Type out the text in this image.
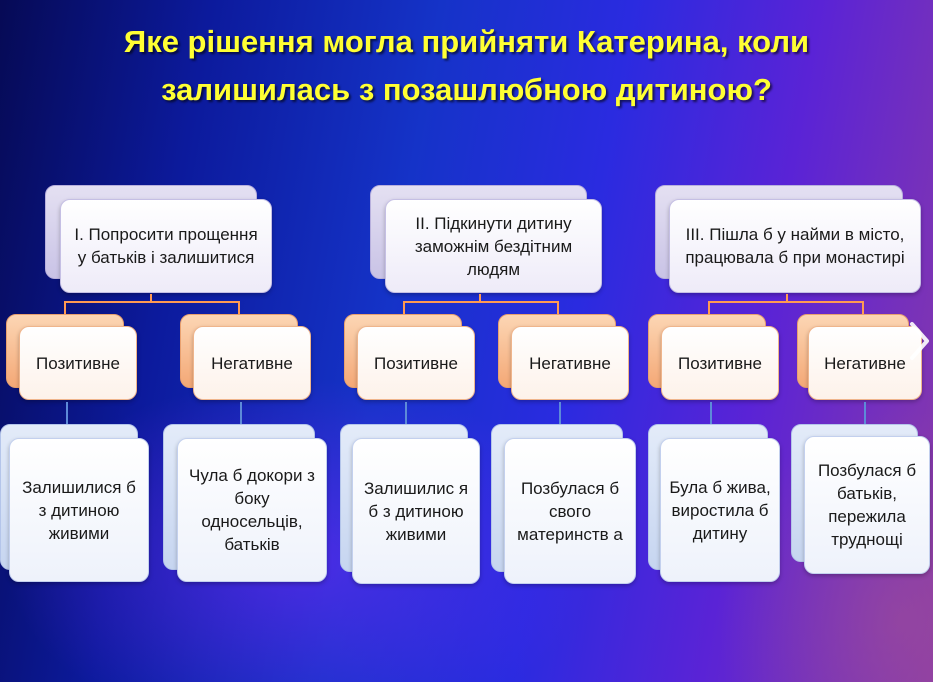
Яке рішення могла прийняти Катерина, коли
залишилась з позашлюбною дитиною?
І. Попросити прощення у батьків і залишитися
Позитивне	Негативне
Залишилися б з дитиною живими
Чула б докори з боку односельців, батьків
ІІ. Підкинути дитину заможнім бездітним людям
Позитивне	Негативне
Залишилис я б з дитиною живими
Позбулася б свого материнств а
ІІІ. Пішла б у найми в місто, працювала б при монастирі
Позитивне	Негативне
Була б жива, виростила б дитину
Позбулася б батьків, пережила труднощі
